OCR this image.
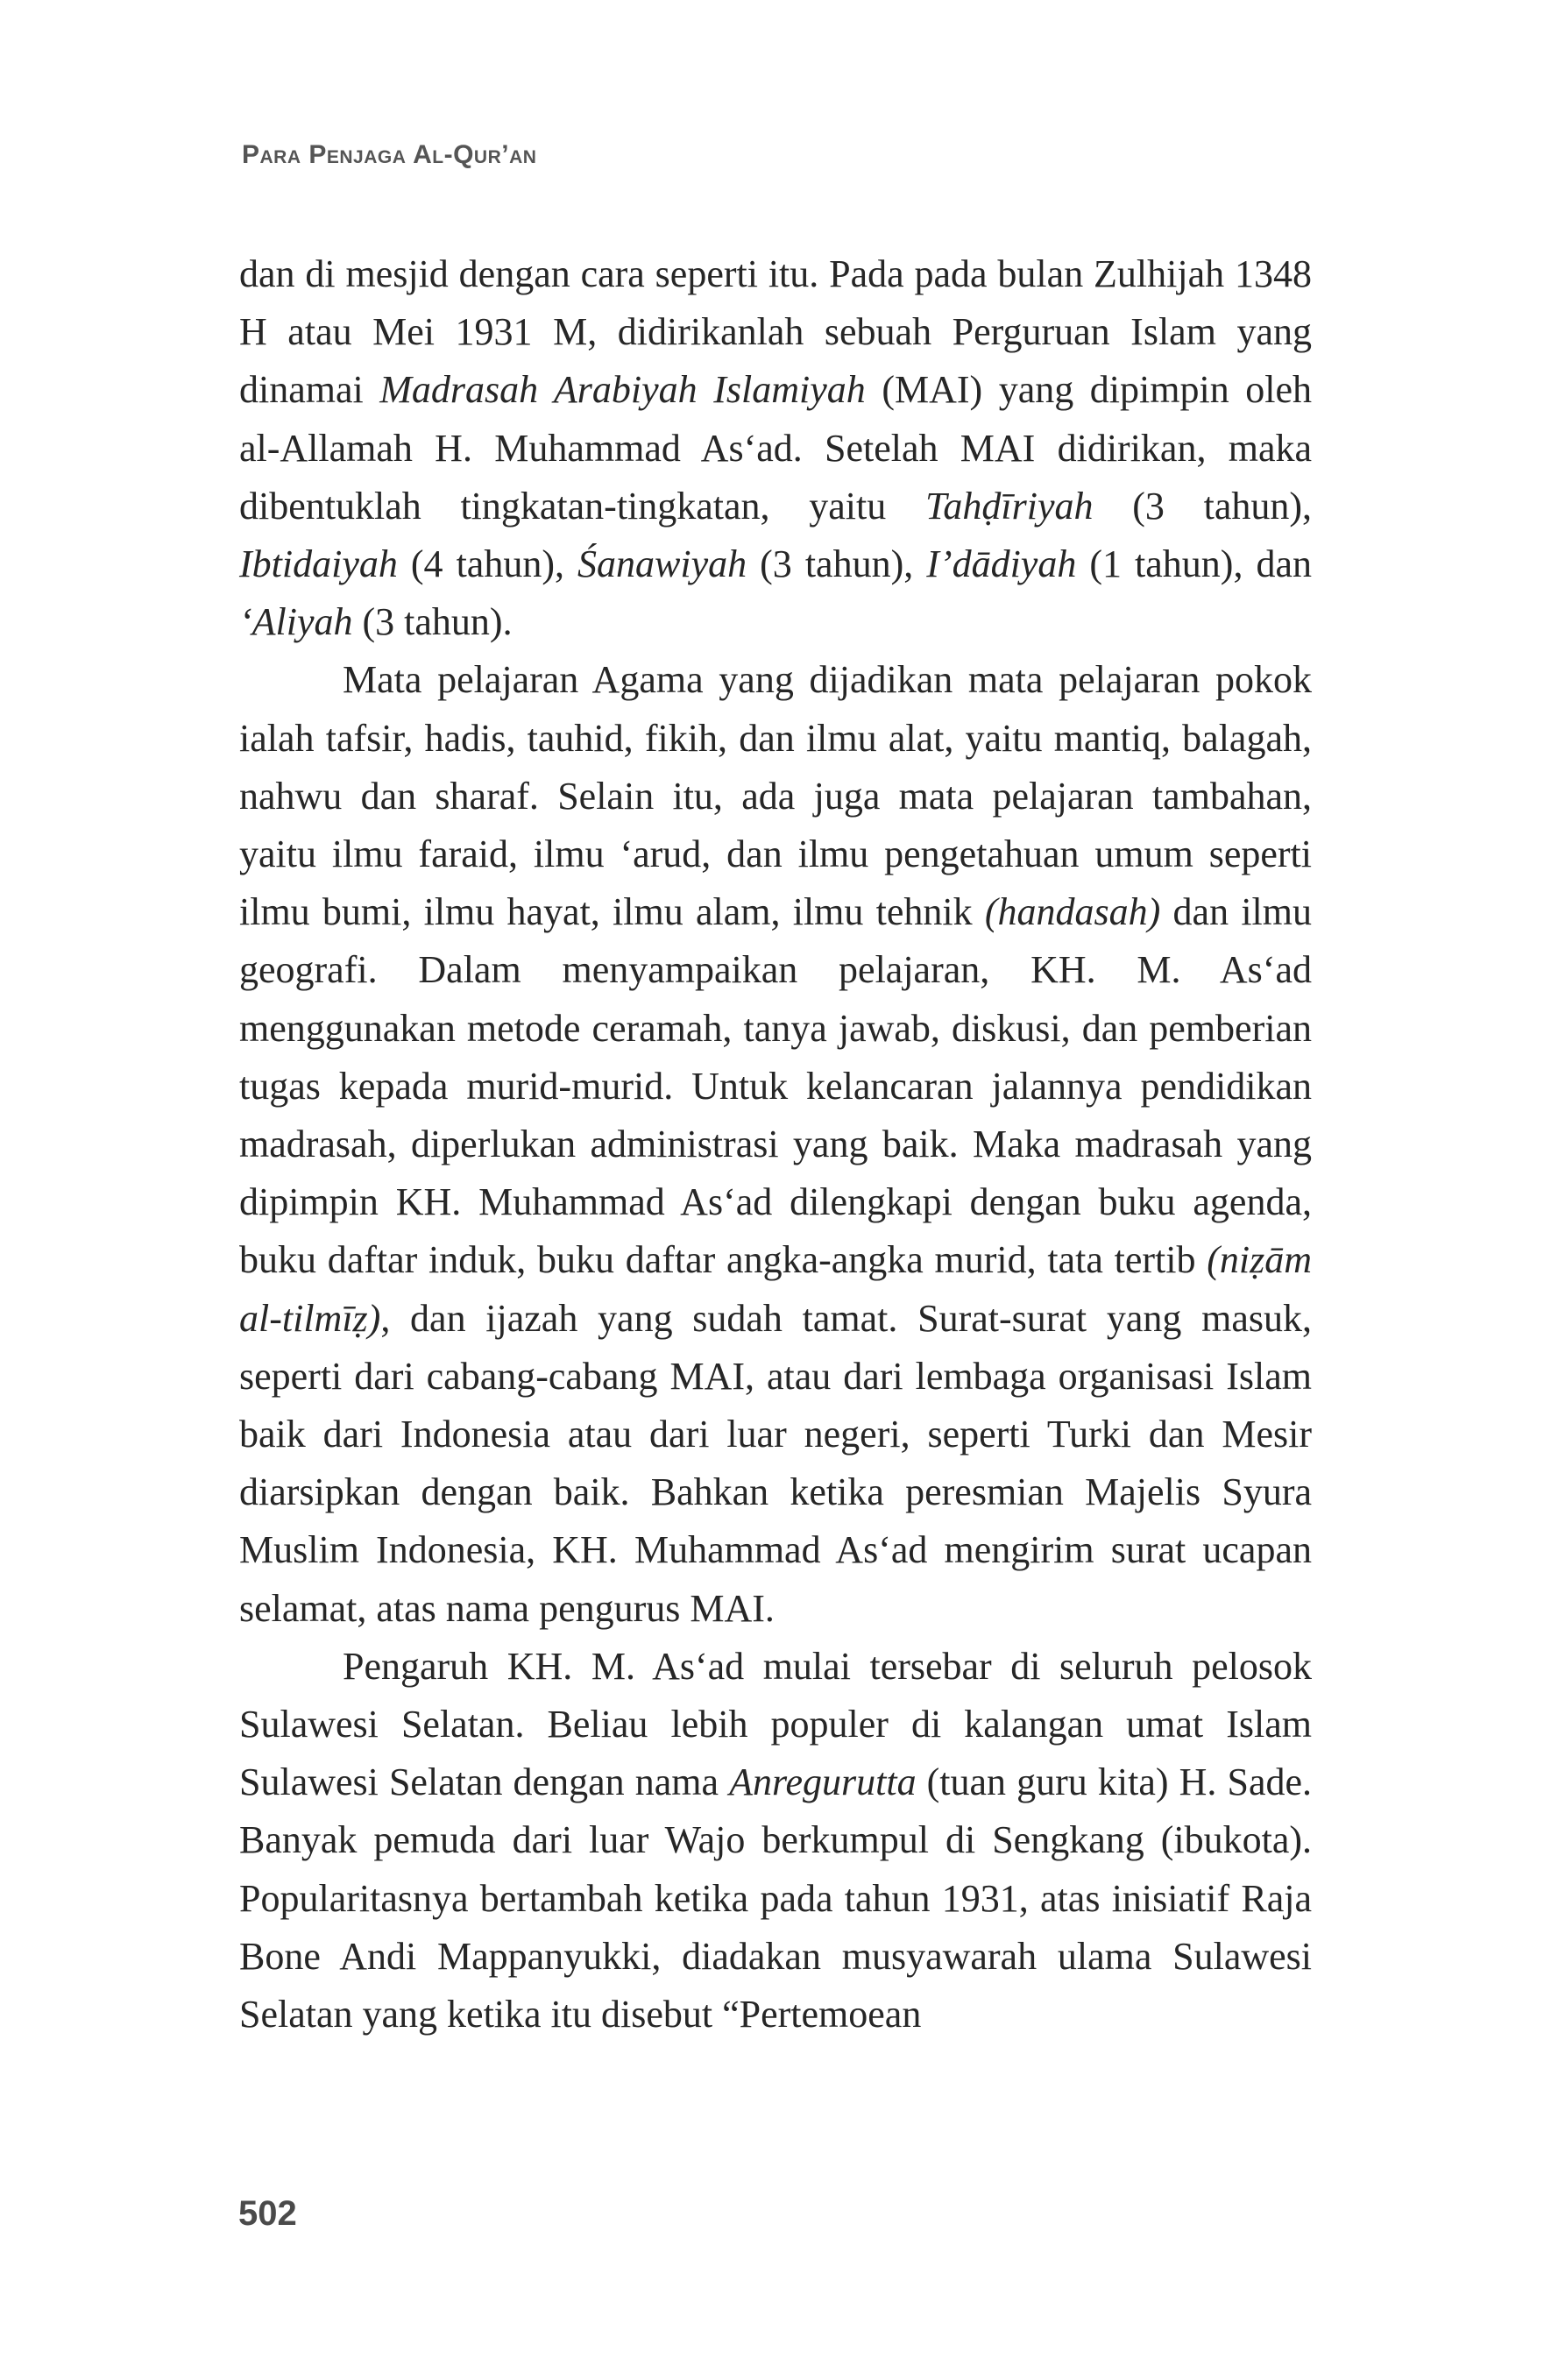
Para Penjaga Al-Qur’an

dan di mesjid dengan cara seperti itu. Pada pada bulan Zulhijah 1348 H atau Mei 1931 M, didirikanlah sebuah Perguruan Islam yang dinamai Madrasah Arabiyah Islamiyah (MAI) yang dipimpin oleh al-Allamah H. Muhammad As‘ad. Setelah MAI didirikan, maka dibentuklah tingkatan-tingkatan, yaitu Tahḍīriyah (3 tahun), Ibtidaiyah (4 tahun), Śanawiyah (3 tahun), I’dādiyah (1 tahun), dan ‘Aliyah (3 tahun).

Mata pelajaran Agama yang dijadikan mata pelajaran pokok ialah tafsir, hadis, tauhid, fikih, dan ilmu alat, yaitu mantiq, balagah, nahwu dan sharaf. Selain itu, ada juga mata pelajaran tambahan, yaitu ilmu faraid, ilmu ‘arud, dan ilmu pengetahuan umum seperti ilmu bumi, ilmu hayat, ilmu alam, ilmu tehnik (handasah) dan ilmu geografi. Dalam menyampaikan pelajaran, KH. M. As‘ad menggunakan metode ceramah, tanya jawab, diskusi, dan pemberian tugas kepada murid-murid. Untuk kelancaran jalannya pendidikan madrasah, diperlukan administrasi yang baik. Maka madrasah yang dipimpin KH. Muhammad As‘ad dilengkapi dengan buku agenda, buku daftar induk, buku daftar angka-angka murid, tata tertib (niẓām al-tilmīẓ), dan ijazah yang sudah tamat. Surat-surat yang masuk, seperti dari cabang-cabang MAI, atau dari lembaga organisasi Islam baik dari Indonesia atau dari luar negeri, seperti Turki dan Mesir diarsipkan dengan baik. Bahkan ketika peresmian Majelis Syura Muslim Indonesia, KH. Muhammad As‘ad mengirim surat ucapan selamat, atas nama pengurus MAI.

Pengaruh KH. M. As‘ad mulai tersebar di seluruh pelosok Sulawesi Selatan. Beliau lebih populer di kalangan umat Islam Sulawesi Selatan dengan nama Anregurutta (tuan guru kita) H. Sade. Banyak pemuda dari luar Wajo berkumpul di Sengkang (ibukota). Popularitasnya bertambah ketika pada tahun 1931, atas inisiatif Raja Bone Andi Mappanyukki, diadakan musyawarah ulama Sulawesi Selatan yang ketika itu disebut “Pertemoean

502
